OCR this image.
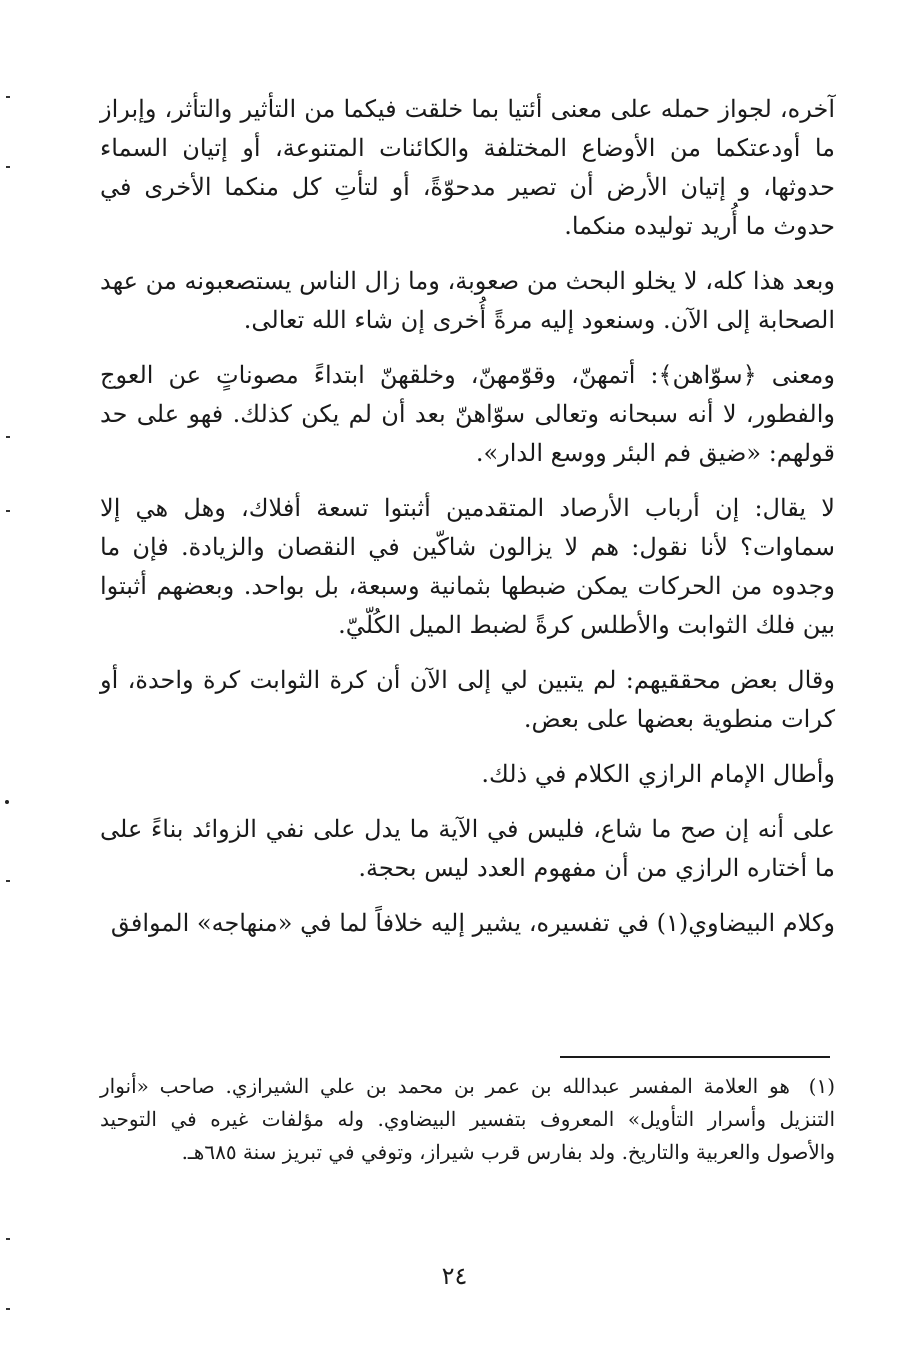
آخره، لجواز حمله على معنى أئتيا بما خلقت فيكما من التأثير والتأثر، وإبراز ما أودعتكما من الأوضاع المختلفة والكائنات المتنوعة، أو إتيان السماء حدوثها، و إتيان الأرض أن تصير مدحوّةً، أو لتأتِ كل منكما الأخرى في حدوث ما أُريد توليده منكما.

وبعد هذا كله، لا يخلو البحث من صعوبة، وما زال الناس يستصعبونه من عهد الصحابة إلى الآن. وسنعود إليه مرةً أُخرى إن شاء الله تعالى.

ومعنى ﴿سوّاهن﴾: أتمهنّ، وقوّمهنّ، وخلقهنّ ابتداءً مصوناتٍ عن العوج والفطور، لا أنه سبحانه وتعالى سوّاهنّ بعد أن لم يكن كذلك. فهو على حد قولهم: «ضيق فم البئر ووسع الدار».

لا يقال: إن أرباب الأرصاد المتقدمين أثبتوا تسعة أفلاك، وهل هي إلا سماوات؟ لأنا نقول: هم لا يزالون شاكّين في النقصان والزيادة. فإن ما وجدوه من الحركات يمكن ضبطها بثمانية وسبعة، بل بواحد. وبعضهم أثبتوا بين فلك الثوابت والأطلس كرةً لضبط الميل الكُلّيّ.

وقال بعض محققيهم: لم يتبين لي إلى الآن أن كرة الثوابت كرة واحدة، أو كرات منطوية بعضها على بعض.

وأطال الإمام الرازي الكلام في ذلك.

على أنه إن صح ما شاع، فليس في الآية ما يدل على نفي الزوائد بناءً على ما أختاره الرازي من أن مفهوم العدد ليس بحجة.

وكلام البيضاوي(١) في تفسيره، يشير إليه خلافاً لما في «منهاجه» الموافق

(١) هو العلامة المفسر عبدالله بن عمر بن محمد بن علي الشيرازي. صاحب «أنوار التنزيل وأسرار التأويل» المعروف بتفسير البيضاوي. وله مؤلفات غيره في التوحيد والأصول والعربية والتاريخ. ولد بفارس قرب شيراز، وتوفي في تبريز سنة ٦٨٥هـ.
٢٤
